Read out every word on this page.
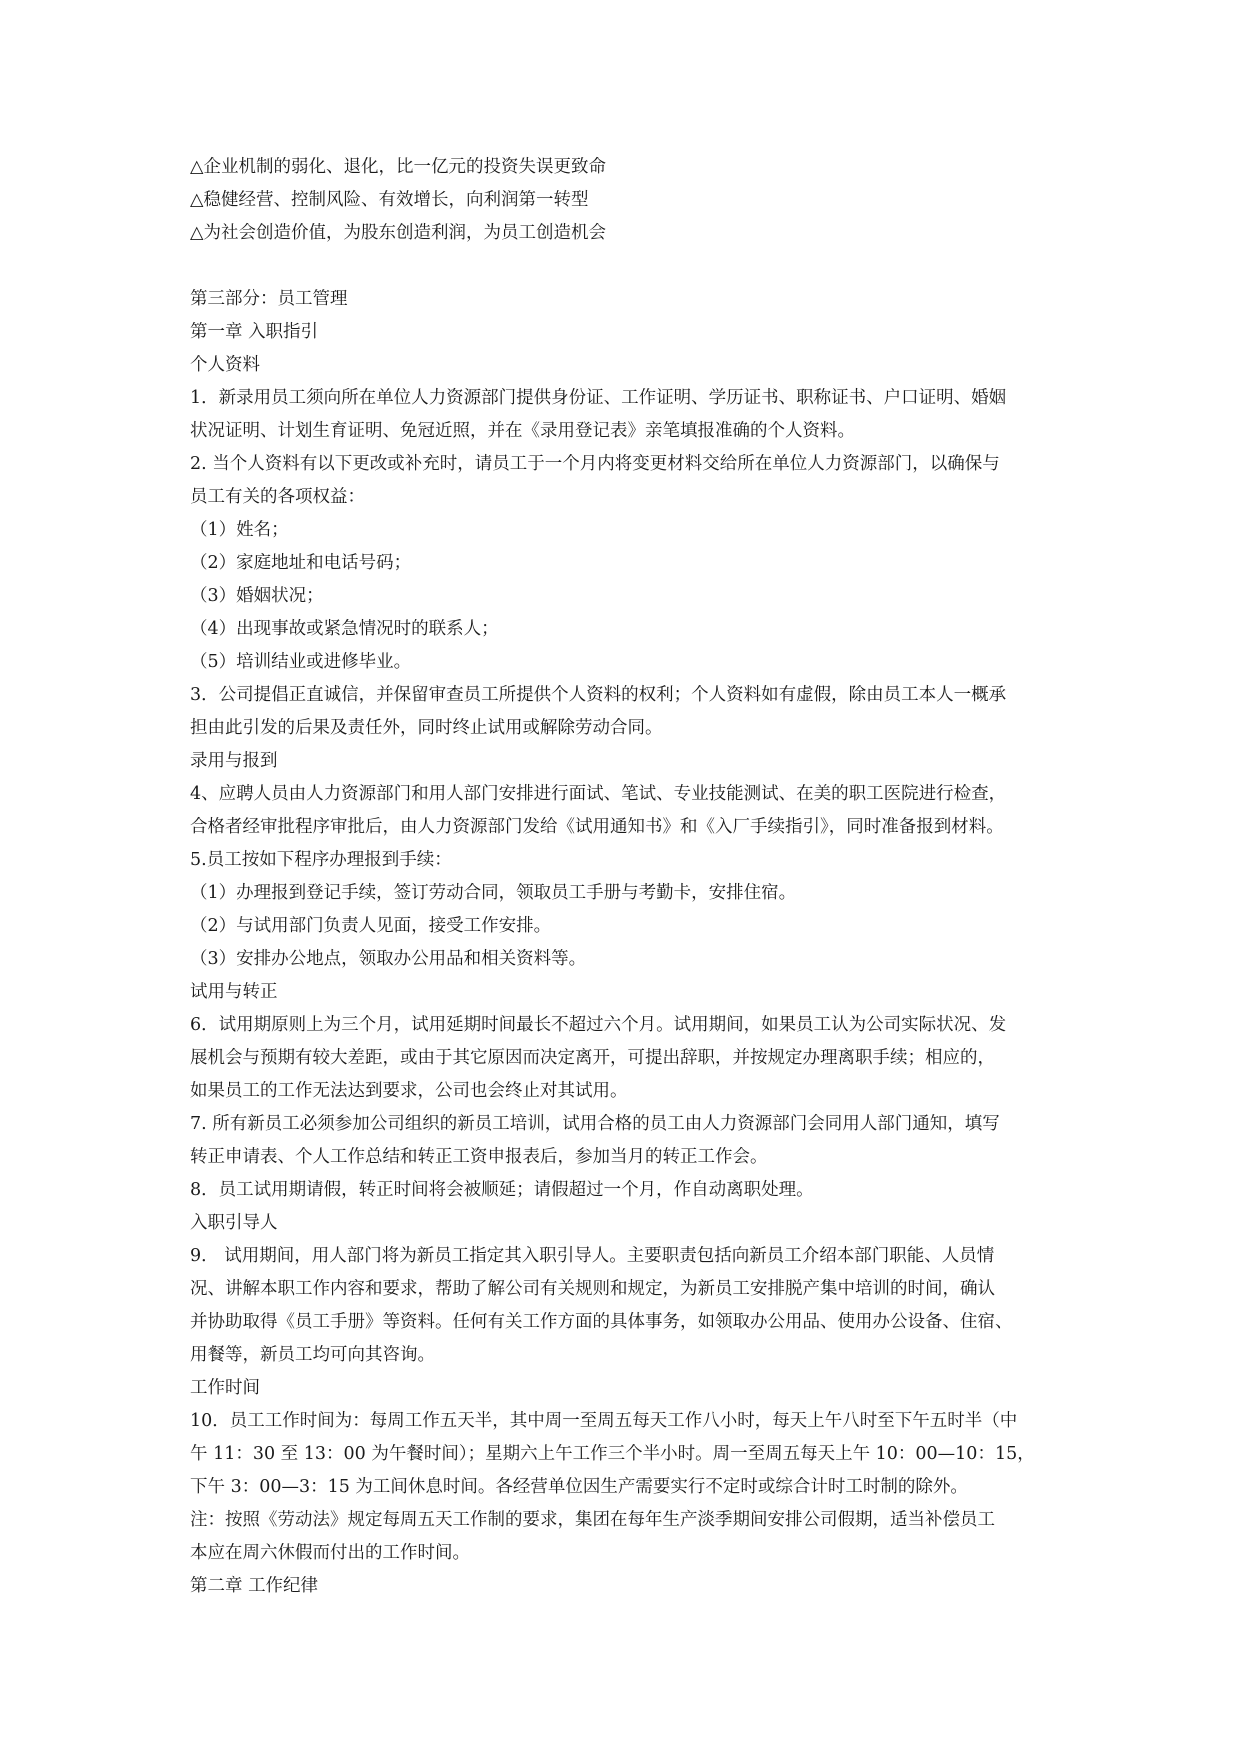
△企业机制的弱化、退化，比一亿元的投资失误更致命
△稳健经营、控制风险、有效增长，向利润第一转型
△为社会创造价值，为股东创造利润，为员工创造机会
第三部分：员工管理
第一章 入职指引
个人资料
1．新录用员工须向所在单位人力资源部门提供身份证、工作证明、学历证书、职称证书、户口证明、婚姻
状况证明、计划生育证明、免冠近照，并在《录用登记表》亲笔填报准确的个人资料。
2. 当个人资料有以下更改或补充时，请员工于一个月内将变更材料交给所在单位人力资源部门，以确保与
员工有关的各项权益：
（1）姓名；
（2）家庭地址和电话号码；
（3）婚姻状况；
（4）出现事故或紧急情况时的联系人；
（5）培训结业或进修毕业。
3．公司提倡正直诚信，并保留审查员工所提供个人资料的权利；个人资料如有虚假，除由员工本人一概承
担由此引发的后果及责任外，同时终止试用或解除劳动合同。
录用与报到
4、应聘人员由人力资源部门和用人部门安排进行面试、笔试、专业技能测试、在美的职工医院进行检查，
合格者经审批程序审批后，由人力资源部门发给《试用通知书》和《入厂手续指引》，同时准备报到材料。
5.员工按如下程序办理报到手续：
（1）办理报到登记手续，签订劳动合同，领取员工手册与考勤卡，安排住宿。
（2）与试用部门负责人见面，接受工作安排。
（3）安排办公地点，领取办公用品和相关资料等。
试用与转正
6．试用期原则上为三个月，试用延期时间最长不超过六个月。试用期间，如果员工认为公司实际状况、发
展机会与预期有较大差距，或由于其它原因而决定离开，可提出辞职，并按规定办理离职手续；相应的，
如果员工的工作无法达到要求，公司也会终止对其试用。
7. 所有新员工必须参加公司组织的新员工培训，试用合格的员工由人力资源部门会同用人部门通知，填写
转正申请表、个人工作总结和转正工资申报表后，参加当月的转正工作会。
8．员工试用期请假，转正时间将会被顺延；请假超过一个月，作自动离职处理。
入职引导人
9． 试用期间，用人部门将为新员工指定其入职引导人。主要职责包括向新员工介绍本部门职能、人员情
况、讲解本职工作内容和要求，帮助了解公司有关规则和规定，为新员工安排脱产集中培训的时间，确认
并协助取得《员工手册》等资料。任何有关工作方面的具体事务，如领取办公用品、使用办公设备、住宿、
用餐等，新员工均可向其咨询。
工作时间
10．员工工作时间为：每周工作五天半，其中周一至周五每天工作八小时，每天上午八时至下午五时半（中
午 11：30 至 13：00 为午餐时间）；星期六上午工作三个半小时。周一至周五每天上午 10：00—10：15，
下午 3：00—3：15 为工间休息时间。各经营单位因生产需要实行不定时或综合计时工时制的除外。
注：按照《劳动法》规定每周五天工作制的要求，集团在每年生产淡季期间安排公司假期，适当补偿员工
本应在周六休假而付出的工作时间。
第二章 工作纪律
